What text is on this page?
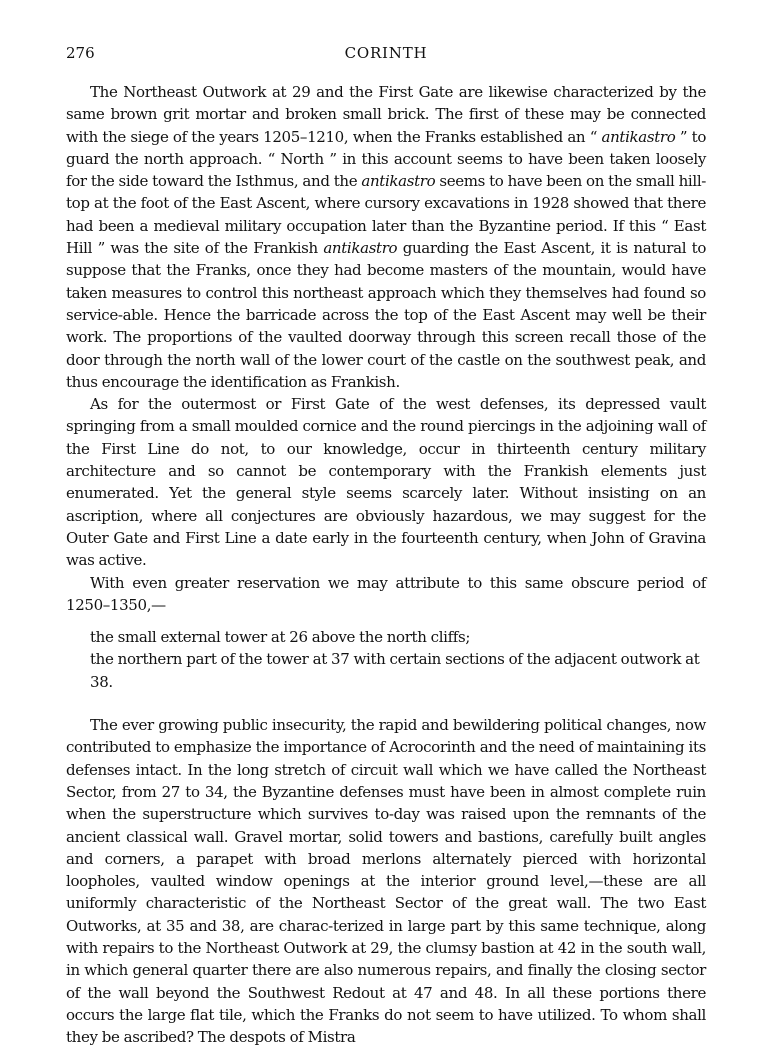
276	CORINTH

The Northeast Outwork at 29 and the First Gate are likewise characterized by the same brown grit mortar and broken small brick. The first of these may be connected with the siege of the years 1205–1210, when the Franks established an “ antikastro ” to guard the north approach. “ North ” in this account seems to have been taken loosely for the side toward the Isthmus, and the antikastro seems to have been on the small hill-top at the foot of the East Ascent, where cursory excavations in 1928 showed that there had been a medieval military occupation later than the Byzantine period. If this “ East Hill ” was the site of the Frankish antikastro guarding the East Ascent, it is natural to suppose that the Franks, once they had become masters of the mountain, would have taken measures to control this northeast approach which they themselves had found so service-able. Hence the barricade across the top of the East Ascent may well be their work. The proportions of the vaulted doorway through this screen recall those of the door through the north wall of the lower court of the castle on the southwest peak, and thus encourage the identification as Frankish.

As for the outermost or First Gate of the west defenses, its depressed vault springing from a small moulded cornice and the round piercings in the adjoining wall of the First Line do not, to our knowledge, occur in thirteenth century military architecture and so cannot be contemporary with the Frankish elements just enumerated. Yet the general style seems scarcely later. Without insisting on an ascription, where all conjectures are obviously hazardous, we may suggest for the Outer Gate and First Line a date early in the fourteenth century, when John of Gravina was active.

With even greater reservation we may attribute to this same obscure period of 1250–1350,—

the small external tower at 26 above the north cliffs;
the northern part of the tower at 37 with certain sections of the adjacent outwork at 38.

The ever growing public insecurity, the rapid and bewildering political changes, now contributed to emphasize the importance of Acrocorinth and the need of maintaining its defenses intact. In the long stretch of circuit wall which we have called the Northeast Sector, from 27 to 34, the Byzantine defenses must have been in almost complete ruin when the superstructure which survives to-day was raised upon the remnants of the ancient classical wall. Gravel mortar, solid towers and bastions, carefully built angles and corners, a parapet with broad merlons alternately pierced with horizontal loopholes, vaulted window openings at the interior ground level,—these are all uniformly characteristic of the Northeast Sector of the great wall. The two East Outworks, at 35 and 38, are charac-terized in large part by this same technique, along with repairs to the Northeast Outwork at 29, the clumsy bastion at 42 in the south wall, in which general quarter there are also numerous repairs, and finally the closing sector of the wall beyond the Southwest Redout at 47 and 48. In all these portions there occurs the large flat tile, which the Franks do not seem to have utilized. To whom shall they be ascribed? The despots of Mistra
